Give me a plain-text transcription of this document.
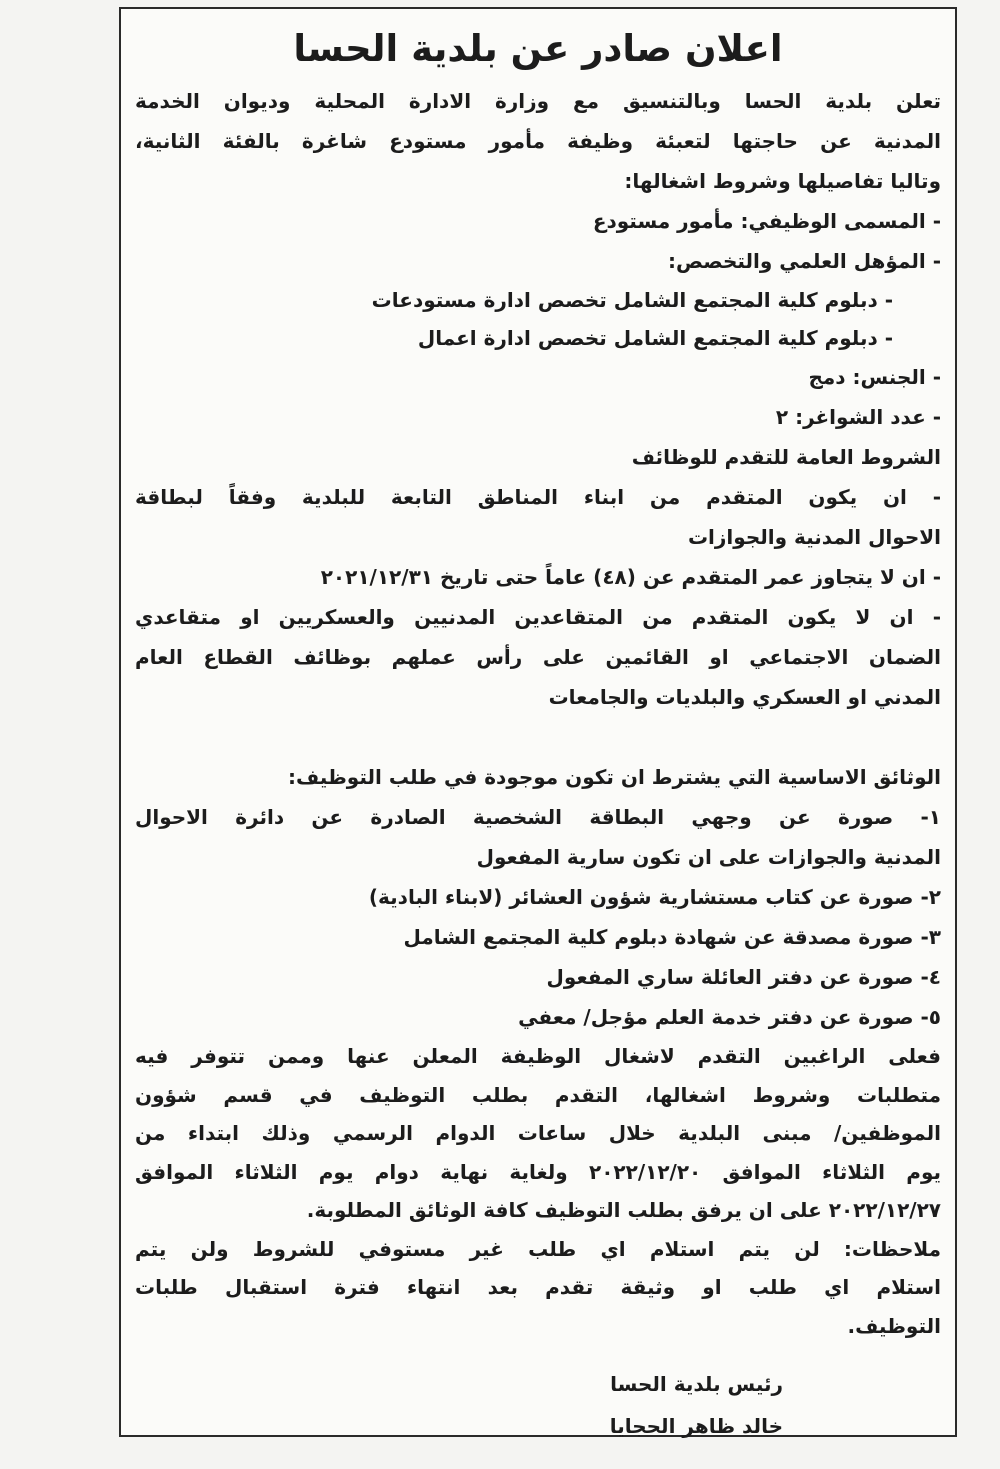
اعلان صادر عن بلدية الحسا

تعلن بلدية الحسا وبالتنسيق مع وزارة الادارة المحلية وديوان الخدمة

المدنية عن حاجتها لتعبئة وظيفة مأمور مستودع شاغرة بالفئة الثانية،

وتاليا تفاصيلها وشروط اشغالها:

- المسمى الوظيفي: مأمور مستودع

- المؤهل العلمي والتخصص:

- دبلوم كلية المجتمع الشامل تخصص ادارة مستودعات

- دبلوم كلية المجتمع الشامل تخصص ادارة اعمال

- الجنس: دمج

- عدد الشواغر: ٢

الشروط العامة للتقدم للوظائف

- ان يكون المتقدم من ابناء المناطق التابعة للبلدية وفقاً لبطاقة

الاحوال المدنية والجوازات

- ان لا يتجاوز عمر المتقدم عن (٤٨) عاماً حتى تاريخ ٢٠٢١/١٢/٣١

- ان لا يكون المتقدم من المتقاعدين المدنيين والعسكريين او متقاعدي

الضمان الاجتماعي او القائمين على رأس عملهم بوظائف القطاع العام

المدني او العسكري والبلديات والجامعات

الوثائق الاساسية التي يشترط ان تكون موجودة في طلب التوظيف:

١- صورة عن وجهي البطاقة الشخصية الصادرة عن دائرة الاحوال

المدنية والجوازات على ان تكون سارية المفعول

٢- صورة عن كتاب مستشارية شؤون العشائر (لابناء البادية)

٣- صورة مصدقة عن شهادة دبلوم كلية المجتمع الشامل

٤- صورة عن دفتر العائلة ساري المفعول

٥- صورة عن دفتر خدمة العلم مؤجل/ معفي

فعلى الراغبين التقدم لاشغال الوظيفة المعلن عنها وممن تتوفر فيه

متطلبات وشروط اشغالها، التقدم بطلب التوظيف في قسم شؤون

الموظفين/ مبنى البلدية خلال ساعات الدوام الرسمي وذلك ابتداء من

يوم الثلاثاء الموافق ٢٠٢٢/١٢/٢٠ ولغاية نهاية دوام يوم الثلاثاء الموافق

٢٠٢٢/١٢/٢٧ على ان يرفق بطلب التوظيف كافة الوثائق المطلوبة.

ملاحظات: لن يتم استلام اي طلب غير مستوفي للشروط ولن يتم

استلام اي طلب او وثيقة تقدم بعد انتهاء فترة استقبال طلبات

التوظيف.

رئيس بلدية الحسا

خالد ظاهر الحجايا
